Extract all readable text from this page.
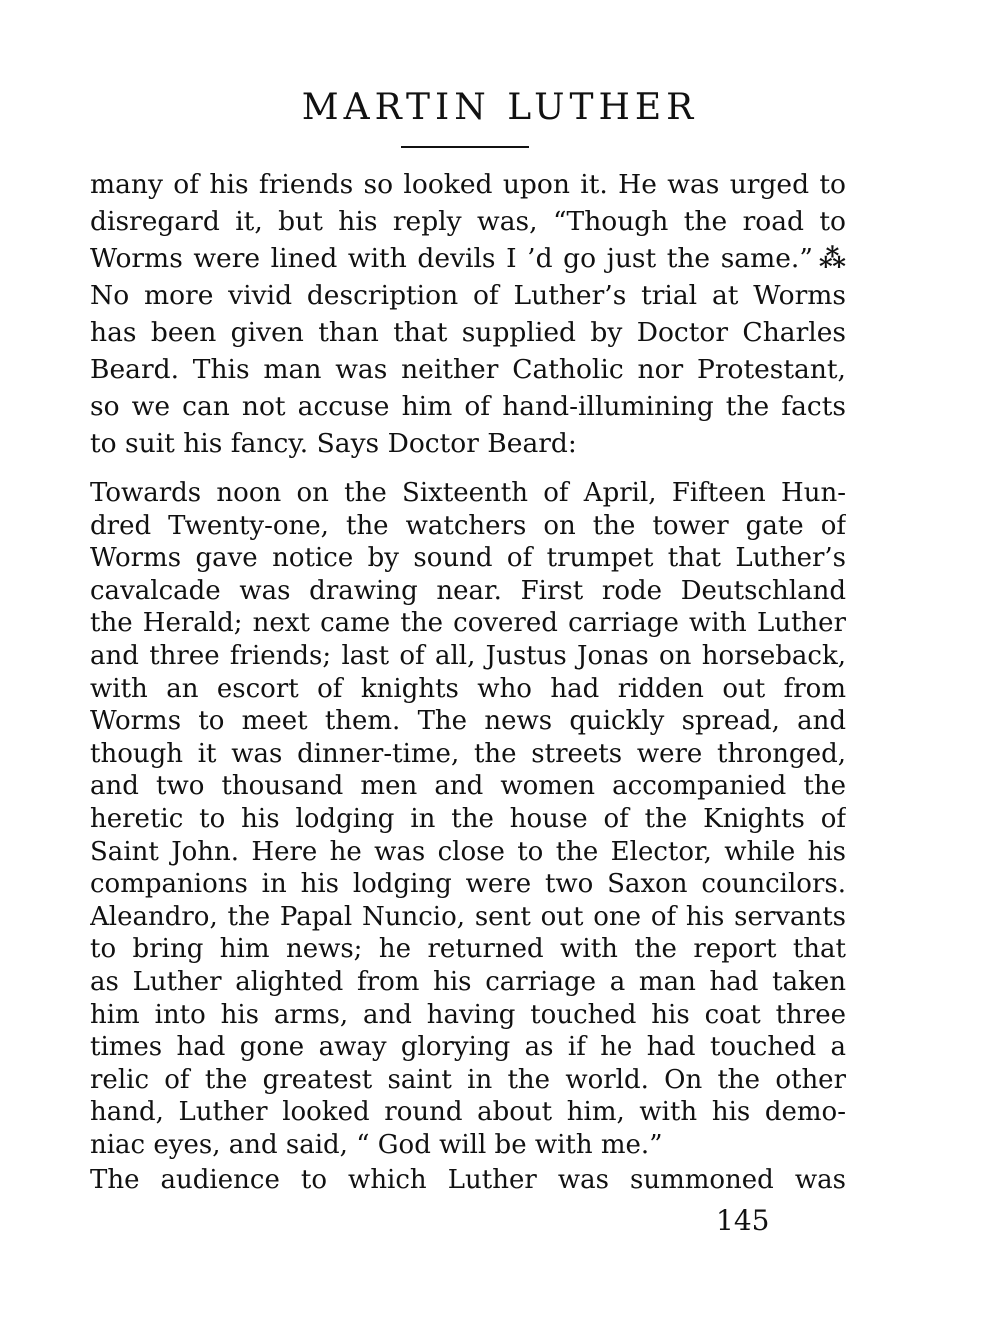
MARTIN LUTHER
many of his friends so looked upon it. He was urged to
disregard it, but his reply was, “Though the road to
Worms were lined with devils I ’d go just the same.” ⁂
No more vivid description of Luther’s trial at Worms
has been given than that supplied by Doctor Charles
Beard. This man was neither Catholic nor Protestant,
so we can not accuse him of hand-illumining the facts
to suit his fancy. Says Doctor Beard:
Towards noon on the Sixteenth of April, Fifteen Hun-
dred Twenty-one, the watchers on the tower gate of
Worms gave notice by sound of trumpet that Luther’s
cavalcade was drawing near. First rode Deutschland
the Herald; next came the covered carriage with Luther
and three friends; last of all, Justus Jonas on horseback,
with an escort of knights who had ridden out from
Worms to meet them. The news quickly spread, and
though it was dinner-time, the streets were thronged,
and two thousand men and women accompanied the
heretic to his lodging in the house of the Knights of
Saint John. Here he was close to the Elector, while his
companions in his lodging were two Saxon councilors.
Aleandro, the Papal Nuncio, sent out one of his servants
to bring him news; he returned with the report that
as Luther alighted from his carriage a man had taken
him into his arms, and having touched his coat three
times had gone away glorying as if he had touched a
relic of the greatest saint in the world. On the other
hand, Luther looked round about him, with his demo-
niac eyes, and said, “ God will be with me.”
The audience to which Luther was summoned was
145
